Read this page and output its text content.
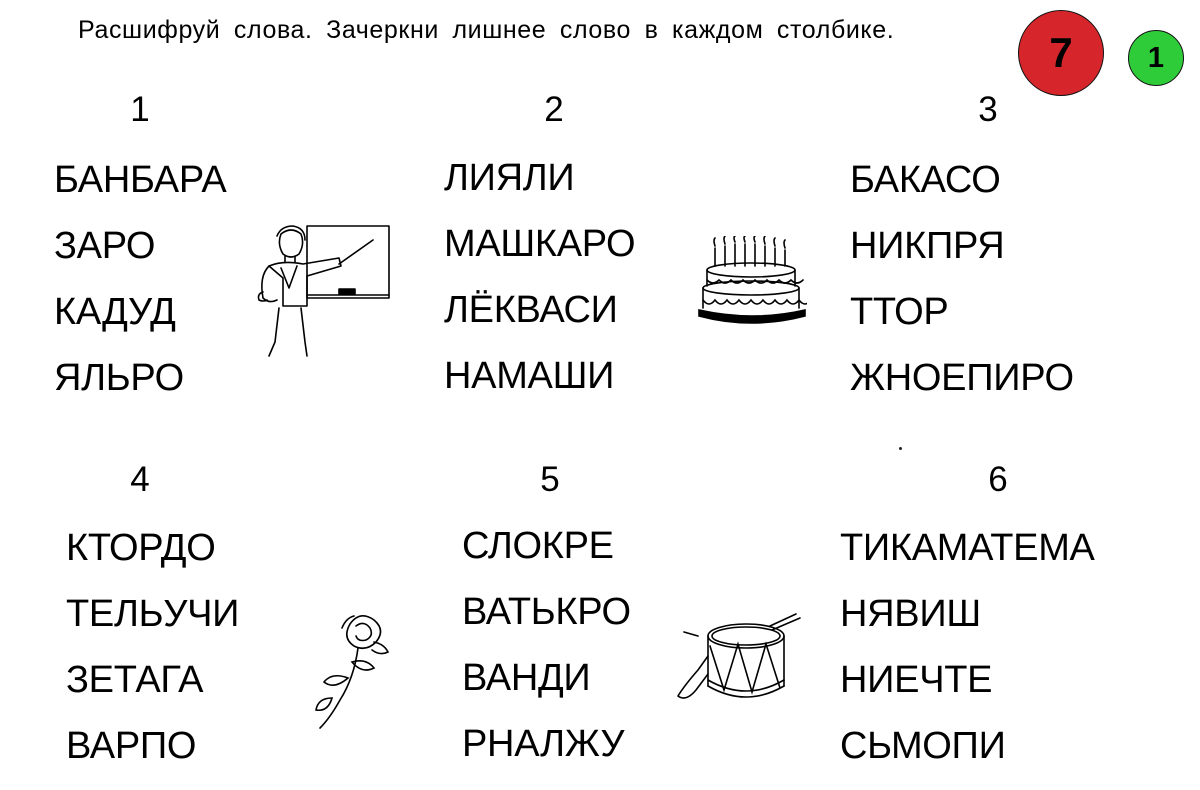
Расшифруй слова. Зачеркни лишнее слово в каждом столбике.	7	1
1	2	3
4	5	6
БАНБАРА
ЗАРО
КАДУД
ЯЛЬРО
ЛИЯЛИ
МАШКАРО
ЛЁКВАСИ
НАМАШИ
БАКАСО
НИКПРЯ
ТТОР
ЖНОЕПИРО
КТОРДО
ТЕЛЬУЧИ
ЗЕТАГА
ВАРПО
СЛОКРЕ
ВАТЬКРО
ВАНДИ
РНАЛЖУ
ТИКАМАТЕМА
НЯВИШ
НИЕЧТЕ
СЬМОПИ
